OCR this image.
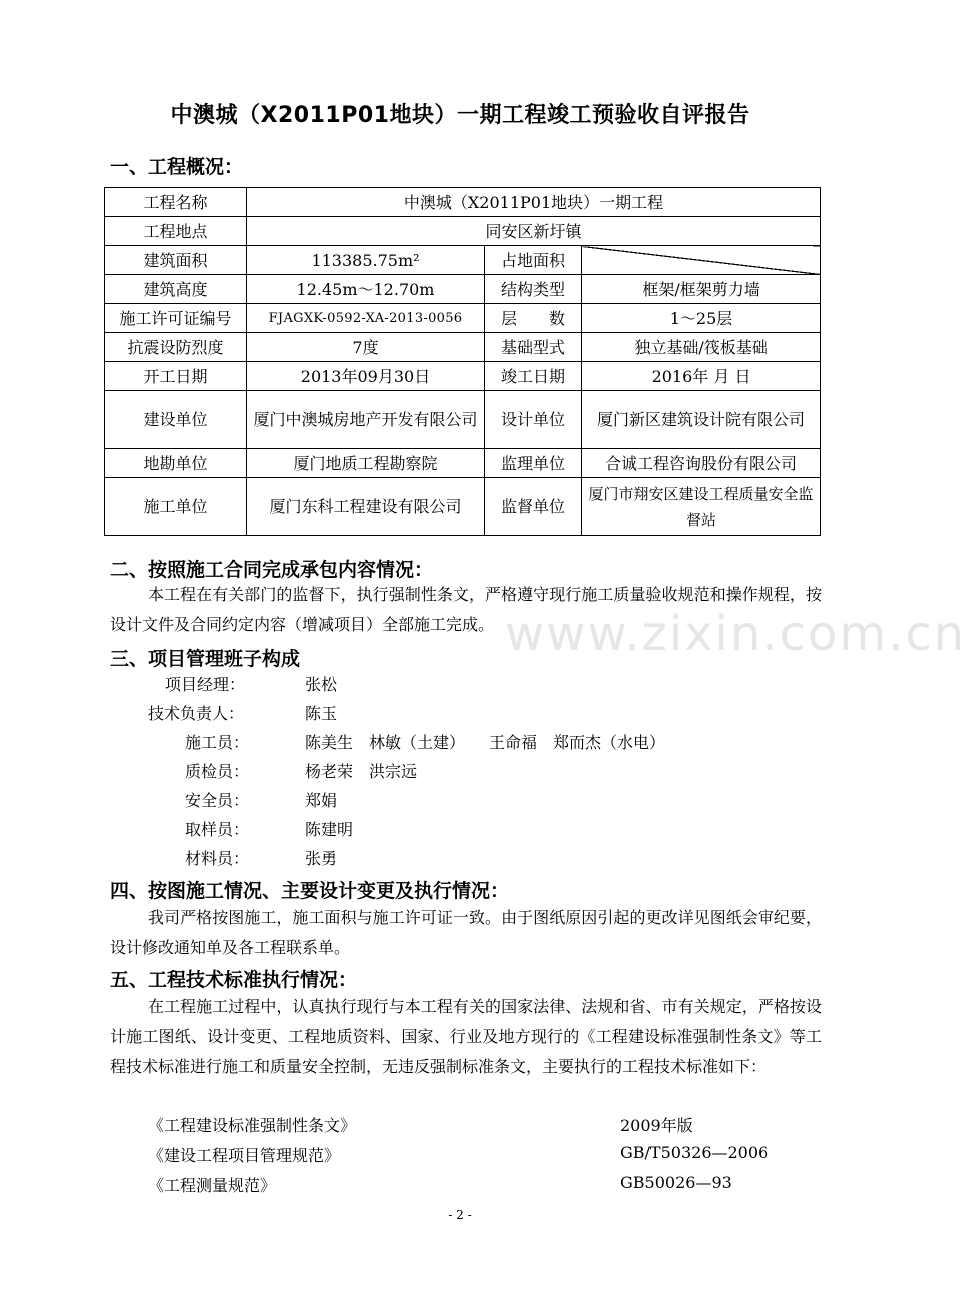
www.zixin.com.cn
中澳城（X2011P01地块）一期工程竣工预验收自评报告
一、工程概况：
工程名称	中澳城（X2011P01地块）一期工程		
工程地点	同安区新圩镇		
建筑面积	113385.75m²	占地面积	
建筑高度	12.45m～12.70m	结构类型	框架/框架剪力墙
施工许可证编号	FJAGXK-0592-XA-2013-0056	层　　数	1～25层
抗震设防烈度	7度	基础型式	独立基础/筏板基础
开工日期	2013年09月30日	竣工日期	2016年 月 日
建设单位	厦门中澳城房地产开发有限公司	设计单位	厦门新区建筑设计院有限公司
地勘单位	厦门地质工程勘察院	监理单位	合诚工程咨询股份有限公司
施工单位	厦门东科工程建设有限公司	监督单位	厦门市翔安区建设工程质量安全监督站
二、按照施工合同完成承包内容情况：
本工程在有关部门的监督下，执行强制性条文，严格遵守现行施工质量验收规范和操作规程，按设计文件及合同约定内容（增减项目）全部施工完成。
三、项目管理班子构成
项目经理：	张松
技术负责人：	陈玉
施工员：	陈美生　林敏（土建）　　王命福　郑而杰（水电）
质检员：	杨老荣　洪宗远
安全员：	郑娟
取样员：	陈建明
材料员：	张勇
四、按图施工情况、主要设计变更及执行情况：
我司严格按图施工，施工面积与施工许可证一致。由于图纸原因引起的更改详见图纸会审纪要，设计修改通知单及各工程联系单。
五、工程技术标准执行情况：
在工程施工过程中，认真执行现行与本工程有关的国家法律、法规和省、市有关规定，严格按设计施工图纸、设计变更、工程地质资料、国家、行业及地方现行的《工程建设标准强制性条文》等工程技术标准进行施工和质量安全控制，无违反强制标准条文，主要执行的工程技术标准如下：
《工程建设标准强制性条文》	2009年版
《建设工程项目管理规范》	GB/T50326—2006
《工程测量规范》	GB50026—93
- 2 -
